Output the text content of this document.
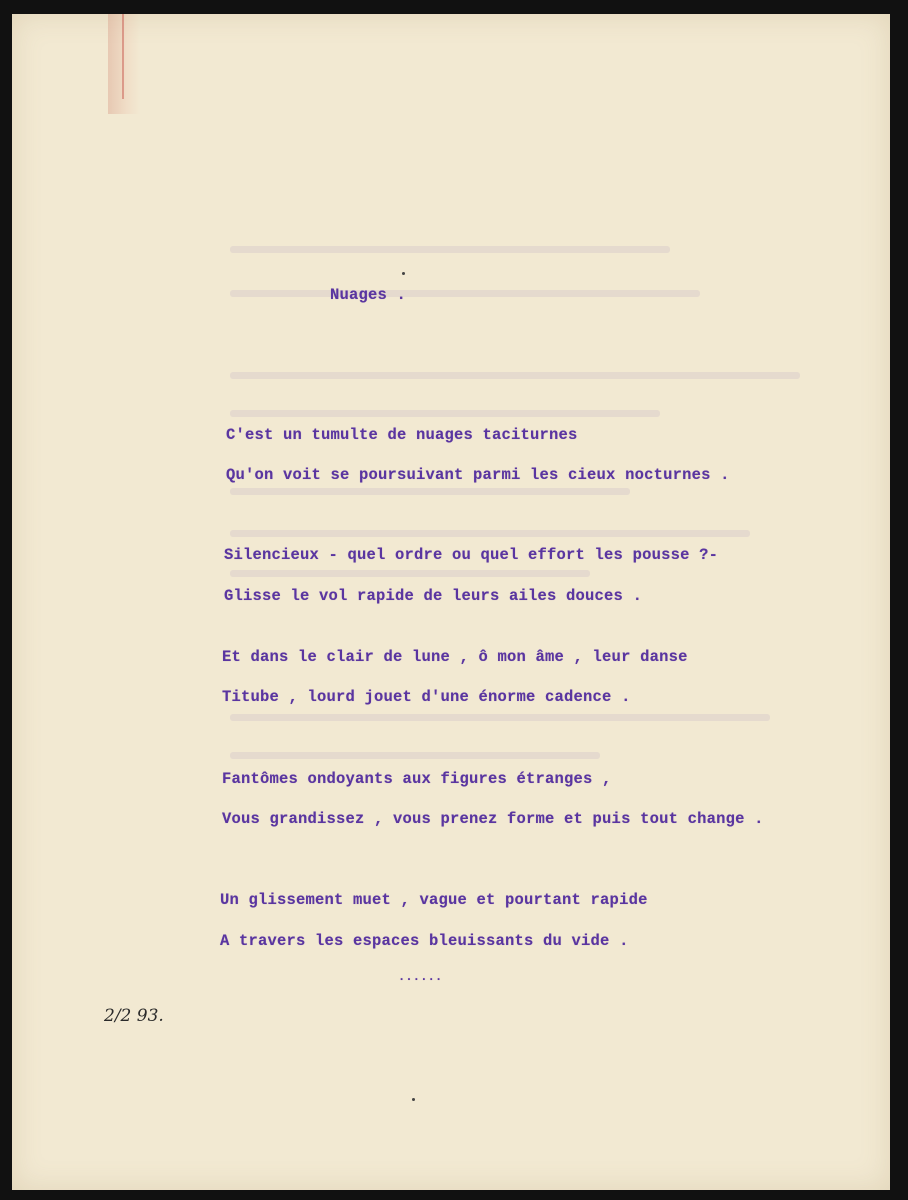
Nuages .
C'est un tumulte de nuages taciturnes
Qu'on voit se poursuivant parmi les cieux nocturnes .
Silencieux - quel ordre ou quel effort les pousse ?-
Glisse le vol rapide de leurs ailes douces .
Et dans le clair de lune , ô mon âme , leur danse
Titube , lourd jouet d'une énorme cadence .
Fantômes ondoyants aux figures étranges ,
Vous grandissez , vous prenez forme et puis tout change .
Un glissement muet , vague et pourtant rapide
A travers les espaces bleuissants du vide .
......
2/2 93.
